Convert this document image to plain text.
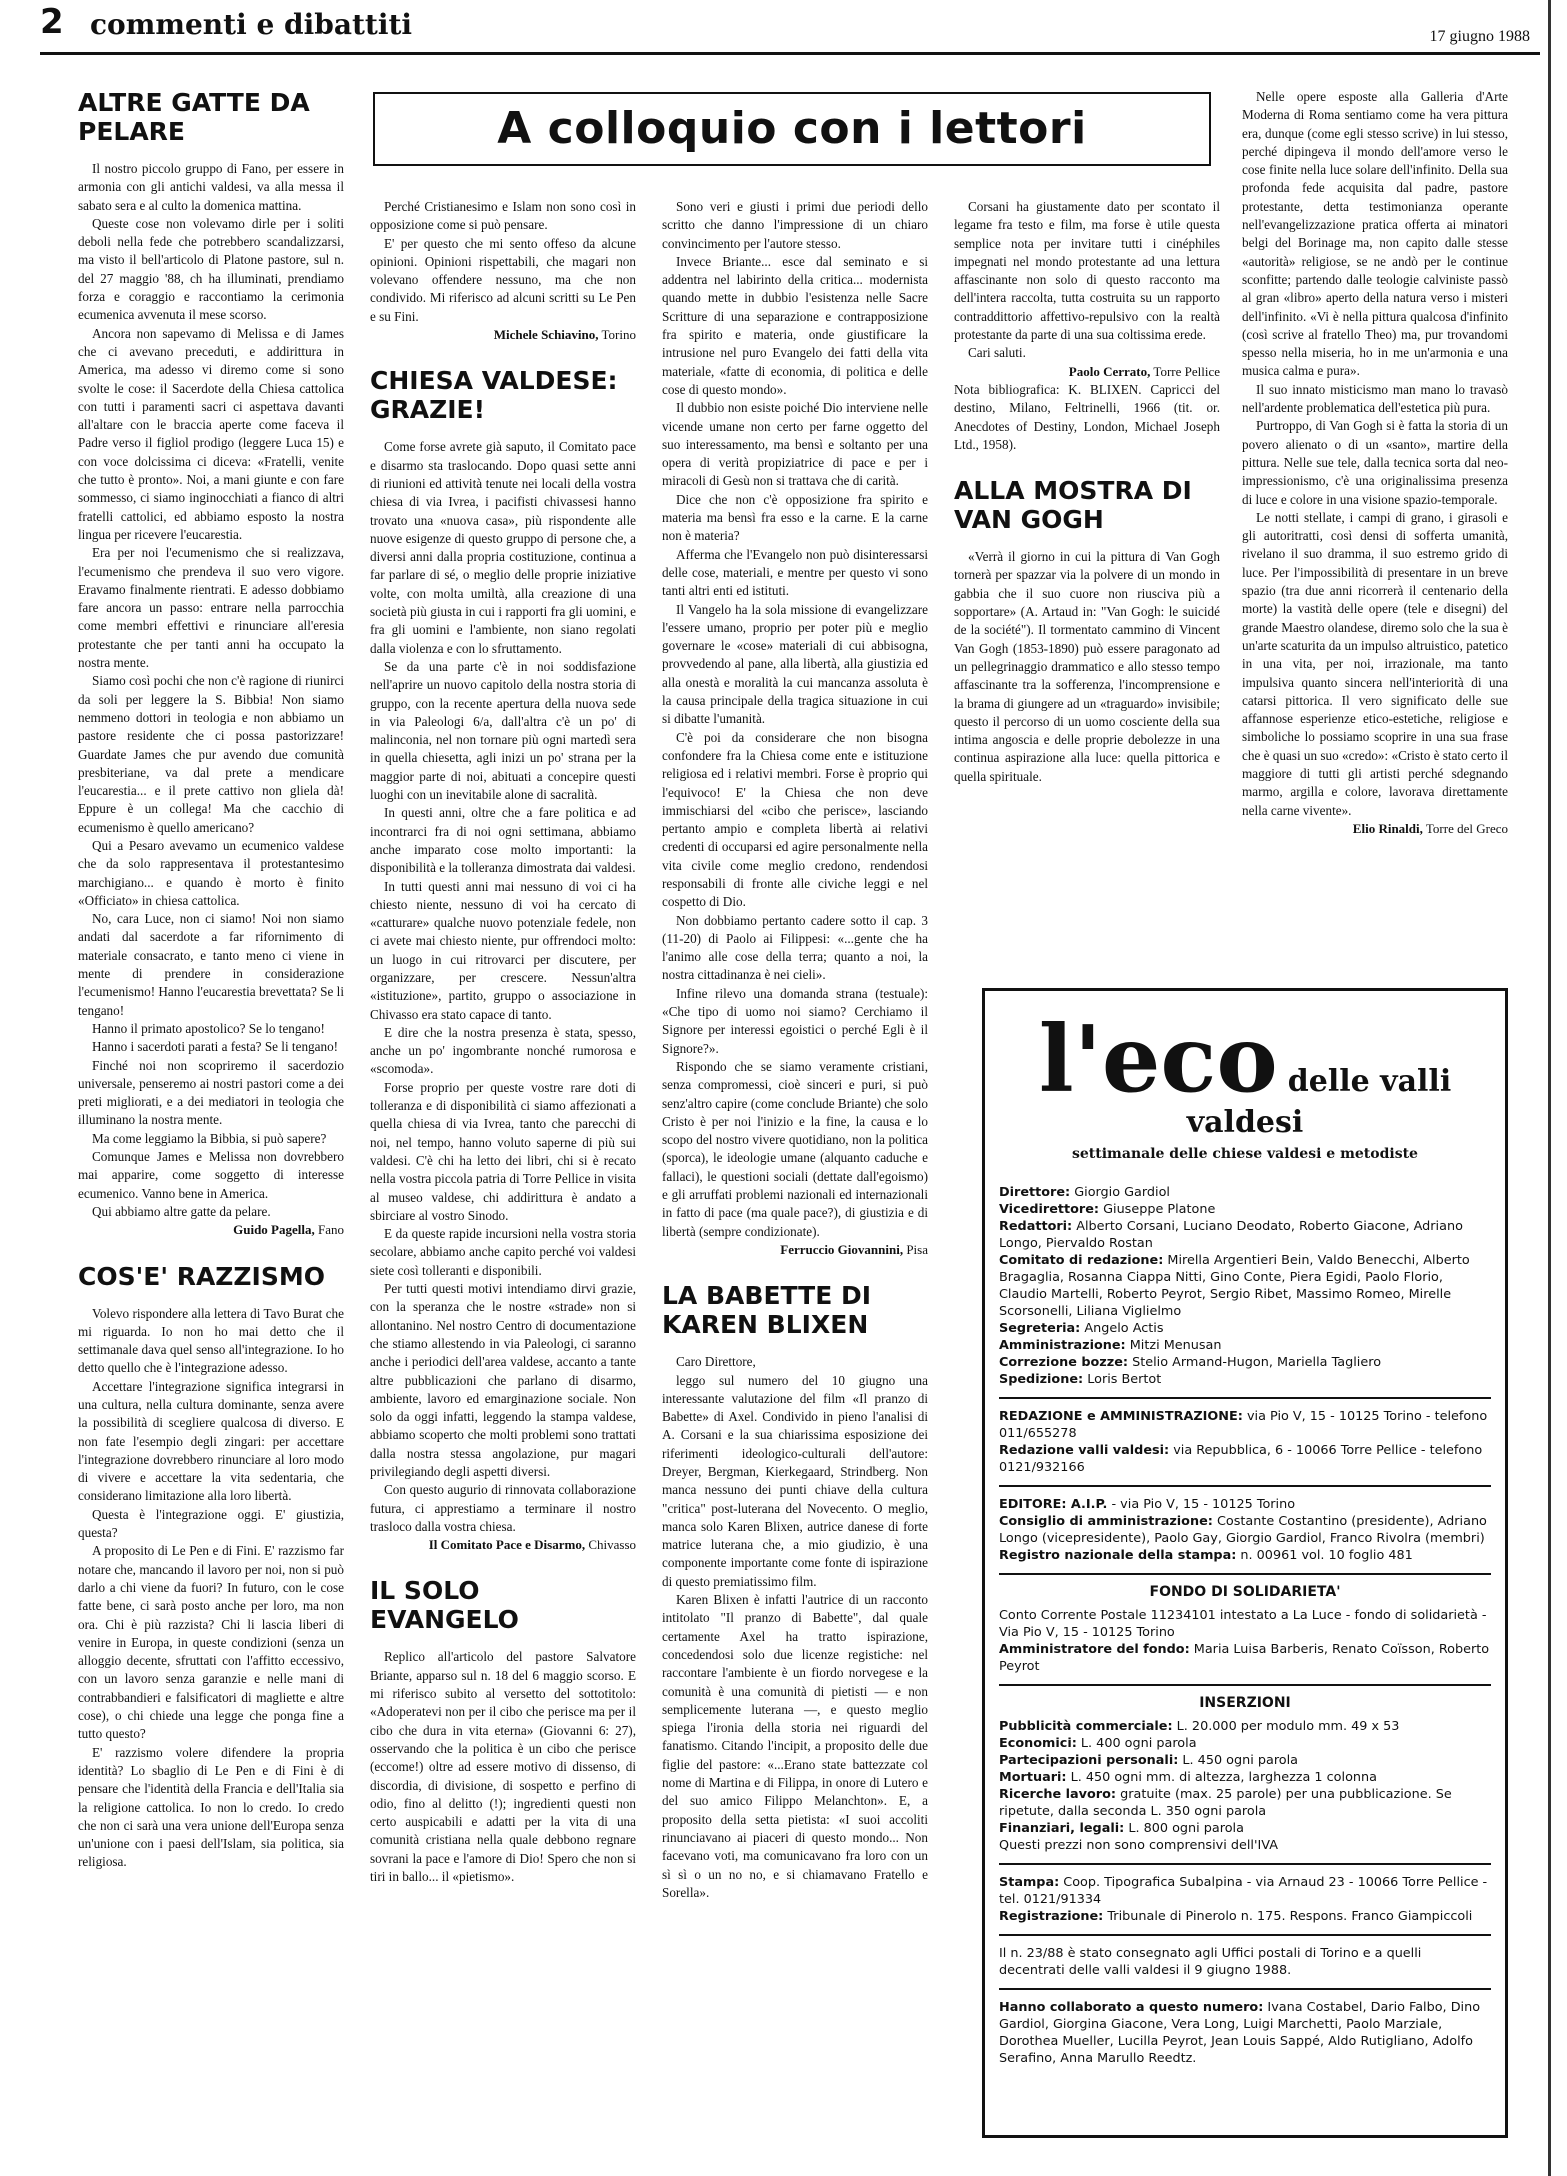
2 commenti e dibattiti	17 giugno 1988
A colloquio con i lettori
ALTRE GATTE DA PELARE

Il nostro piccolo gruppo di Fano, per essere in armonia con gli antichi valdesi, va alla messa il sabato sera e al culto la domenica mattina.

Queste cose non volevamo dirle per i soliti deboli nella fede che potrebbero scandalizzarsi, ma visto il bell'articolo di Platone pastore, sul n. del 27 maggio '88, ch ha illuminati, prendiamo forza e coraggio e raccontiamo la cerimonia ecumenica avvenuta il mese scorso.

Ancora non sapevamo di Melissa e di James che ci avevano preceduti, e addirittura in America, ma adesso vi diremo come si sono svolte le cose: il Sacerdote della Chiesa cattolica con tutti i paramenti sacri ci aspettava davanti all'altare con le braccia aperte come faceva il Padre verso il figliol prodigo (leggere Luca 15) e con voce dolcissima ci diceva: «Fratelli, venite che tutto è pronto». Noi, a mani giunte e con fare sommesso, ci siamo inginocchiati a fianco di altri fratelli cattolici, ed abbiamo esposto la nostra lingua per ricevere l'eucarestia.

Era per noi l'ecumenismo che si realizzava, l'ecumenismo che prendeva il suo vero vigore. Eravamo finalmente rientrati. E adesso dobbiamo fare ancora un passo: entrare nella parrocchia come membri effettivi e rinunciare all'eresia protestante che per tanti anni ha occupato la nostra mente.

Siamo così pochi che non c'è ragione di riunirci da soli per leggere la S. Bibbia! Non siamo nemmeno dottori in teologia e non abbiamo un pastore residente che ci possa pastorizzare! Guardate James che pur avendo due comunità presbiteriane, va dal prete a mendicare l'eucarestia... e il prete cattivo non gliela dà! Eppure è un collega! Ma che cacchio di ecumenismo è quello americano?

Qui a Pesaro avevamo un ecumenico valdese che da solo rappresentava il protestantesimo marchigiano... e quando è morto è finito «Officiato» in chiesa cattolica.

No, cara Luce, non ci siamo! Noi non siamo andati dal sacerdote a far rifornimento di materiale consacrato, e tanto meno ci viene in mente di prendere in considerazione l'ecumenismo! Hanno l'eucarestia brevettata? Se li tengano!

Hanno il primato apostolico? Se lo tengano!

Hanno i sacerdoti parati a festa? Se li tengano!

Finché noi non scopriremo il sacerdozio universale, penseremo ai nostri pastori come a dei preti migliorati, e a dei mediatori in teologia che illuminano la nostra mente.

Ma come leggiamo la Bibbia, si può sapere?

Comunque James e Melissa non dovrebbero mai apparire, come soggetto di interesse ecumenico. Vanno bene in America.

Qui abbiamo altre gatte da pelare.

Guido Pagella, Fano

COS'E' RAZZISMO

Volevo rispondere alla lettera di Tavo Burat che mi riguarda. Io non ho mai detto che il settimanale dava quel senso all'integrazione. Io ho detto quello che è l'integrazione adesso.

Accettare l'integrazione significa integrarsi in una cultura, nella cultura dominante, senza avere la possibilità di scegliere qualcosa di diverso. E non fate l'esempio degli zingari: per accettare l'integrazione dovrebbero rinunciare al loro modo di vivere e accettare la vita sedentaria, che considerano limitazione alla loro libertà.

Questa è l'integrazione oggi. E' giustizia, questa?

A proposito di Le Pen e di Fini. E' razzismo far notare che, mancando il lavoro per noi, non si può darlo a chi viene da fuori? In futuro, con le cose fatte bene, ci sarà posto anche per loro, ma non ora. Chi è più razzista? Chi li lascia liberi di venire in Europa, in queste condizioni (senza un alloggio decente, sfruttati con l'affitto eccessivo, con un lavoro senza garanzie e nelle mani di contrabbandieri e falsificatori di magliette e altre cose), o chi chiede una legge che ponga fine a tutto questo?

E' razzismo volere difendere la propria identità? Lo sbaglio di Le Pen e di Fini è di pensare che l'identità della Francia e dell'Italia sia la religione cattolica. Io non lo credo. Io credo che non ci sarà una vera unione dell'Europa senza un'unione con i paesi dell'Islam, sia politica, sia religiosa.

Perché Cristianesimo e Islam non sono così in opposizione come si può pensare.

E' per questo che mi sento offeso da alcune opinioni. Opinioni rispettabili, che magari non volevano offendere nessuno, ma che non condivido. Mi riferisco ad alcuni scritti su Le Pen e su Fini.

Michele Schiavino, Torino

CHIESA VALDESE: GRAZIE!

Come forse avrete già saputo, il Comitato pace e disarmo sta traslocando. Dopo quasi sette anni di riunioni ed attività tenute nei locali della vostra chiesa di via Ivrea, i pacifisti chivassesi hanno trovato una «nuova casa», più rispondente alle nuove esigenze di questo gruppo di persone che, a diversi anni dalla propria costituzione, continua a far parlare di sé, o meglio delle proprie iniziative volte, con molta umiltà, alla creazione di una società più giusta in cui i rapporti fra gli uomini, e fra gli uomini e l'ambiente, non siano regolati dalla violenza e con lo sfruttamento.

Se da una parte c'è in noi soddisfazione nell'aprire un nuovo capitolo della nostra storia di gruppo, con la recente apertura della nuova sede in via Paleologi 6/a, dall'altra c'è un po' di malinconia, nel non tornare più ogni martedì sera in quella chiesetta, agli inizi un po' strana per la maggior parte di noi, abituati a concepire questi luoghi con un inevitabile alone di sacralità.

In questi anni, oltre che a fare politica e ad incontrarci fra di noi ogni settimana, abbiamo anche imparato cose molto importanti: la disponibilità e la tolleranza dimostrata dai valdesi.

In tutti questi anni mai nessuno di voi ci ha chiesto niente, nessuno di voi ha cercato di «catturare» qualche nuovo potenziale fedele, non ci avete mai chiesto niente, pur offrendoci molto: un luogo in cui ritrovarci per discutere, per organizzare, per crescere. Nessun'altra «istituzione», partito, gruppo o associazione in Chivasso era stato capace di tanto.

E dire che la nostra presenza è stata, spesso, anche un po' ingombrante nonché rumorosa e «scomoda».

Forse proprio per queste vostre rare doti di tolleranza e di disponibilità ci siamo affezionati a quella chiesa di via Ivrea, tanto che parecchi di noi, nel tempo, hanno voluto saperne di più sui valdesi. C'è chi ha letto dei libri, chi si è recato nella vostra piccola patria di Torre Pellice in visita al museo valdese, chi addirittura è andato a sbirciare al vostro Sinodo.

E da queste rapide incursioni nella vostra storia secolare, abbiamo anche capito perché voi valdesi siete così tolleranti e disponibili.

Per tutti questi motivi intendiamo dirvi grazie, con la speranza che le nostre «strade» non si allontanino. Nel nostro Centro di documentazione che stiamo allestendo in via Paleologi, ci saranno anche i periodici dell'area valdese, accanto a tante altre pubblicazioni che parlano di disarmo, ambiente, lavoro ed emarginazione sociale. Non solo da oggi infatti, leggendo la stampa valdese, abbiamo scoperto che molti problemi sono trattati dalla nostra stessa angolazione, pur magari privilegiando degli aspetti diversi.

Con questo augurio di rinnovata collaborazione futura, ci apprestiamo a terminare il nostro trasloco dalla vostra chiesa.

Il Comitato Pace e Disarmo, Chivasso

IL SOLO EVANGELO

Replico all'articolo del pastore Salvatore Briante, apparso sul n. 18 del 6 maggio scorso. E mi riferisco subito al versetto del sottotitolo: «Adoperatevi non per il cibo che perisce ma per il cibo che dura in vita eterna» (Giovanni 6: 27), osservando che la politica è un cibo che perisce (eccome!) oltre ad essere motivo di dissenso, di discordia, di divisione, di sospetto e perfino di odio, fino al delitto (!); ingredienti questi non certo auspicabili e adatti per la vita di una comunità cristiana nella quale debbono regnare sovrani la pace e l'amore di Dio! Spero che non si tiri in ballo... il «pietismo».

Sono veri e giusti i primi due periodi dello scritto che danno l'impressione di un chiaro convincimento per l'autore stesso.

Invece Briante... esce dal seminato e si addentra nel labirinto della critica... modernista quando mette in dubbio l'esistenza nelle Sacre Scritture di una separazione e contrapposizione fra spirito e materia, onde giustificare la intrusione nel puro Evangelo dei fatti della vita materiale, «fatte di economia, di politica e delle cose di questo mondo».

Il dubbio non esiste poiché Dio interviene nelle vicende umane non certo per farne oggetto del suo interessamento, ma bensì e soltanto per una opera di verità propiziatrice di pace e per i miracoli di Gesù non si trattava che di carità.

Dice che non c'è opposizione fra spirito e materia ma bensì fra esso e la carne. E la carne non è materia?

Afferma che l'Evangelo non può disinteressarsi delle cose, materiali, e mentre per questo vi sono tanti altri enti ed istituti.

Il Vangelo ha la sola missione di evangelizzare l'essere umano, proprio per poter più e meglio governare le «cose» materiali di cui abbisogna, provvedendo al pane, alla libertà, alla giustizia ed alla onestà e moralità la cui mancanza assoluta è la causa principale della tragica situazione in cui si dibatte l'umanità.

C'è poi da considerare che non bisogna confondere fra la Chiesa come ente e istituzione religiosa ed i relativi membri. Forse è proprio qui l'equivoco! E' la Chiesa che non deve immischiarsi del «cibo che perisce», lasciando pertanto ampio e completa libertà ai relativi credenti di occuparsi ed agire personalmente nella vita civile come meglio credono, rendendosi responsabili di fronte alle civiche leggi e nel cospetto di Dio.

Non dobbiamo pertanto cadere sotto il cap. 3 (11-20) di Paolo ai Filippesi: «...gente che ha l'animo alle cose della terra; quanto a noi, la nostra cittadinanza è nei cieli».

Infine rilevo una domanda strana (testuale): «Che tipo di uomo noi siamo? Cerchiamo il Signore per interessi egoistici o perché Egli è il Signore?».

Rispondo che se siamo veramente cristiani, senza compromessi, cioè sinceri e puri, si può senz'altro capire (come conclude Briante) che solo Cristo è per noi l'inizio e la fine, la causa e lo scopo del nostro vivere quotidiano, non la politica (sporca), le ideologie umane (alquanto caduche e fallaci), le questioni sociali (dettate dall'egoismo) e gli arruffati problemi nazionali ed internazionali in fatto di pace (ma quale pace?), di giustizia e di libertà (sempre condizionate).

Ferruccio Giovannini, Pisa

LA BABETTE DI KAREN BLIXEN

Caro Direttore,

leggo sul numero del 10 giugno una interessante valutazione del film «Il pranzo di Babette» di Axel. Condivido in pieno l'analisi di A. Corsani e la sua chiarissima esposizione dei riferimenti ideologico-culturali dell'autore: Dreyer, Bergman, Kierkegaard, Strindberg. Non manca nessuno dei punti chiave della cultura "critica" post-luterana del Novecento. O meglio, manca solo Karen Blixen, autrice danese di forte matrice luterana che, a mio giudizio, è una componente importante come fonte di ispirazione di questo premiatissimo film.

Karen Blixen è infatti l'autrice di un racconto intitolato "Il pranzo di Babette", dal quale certamente Axel ha tratto ispirazione, concedendosi solo due licenze registiche: nel raccontare l'ambiente è un fiordo norvegese e la comunità è una comunità di pietisti — e non semplicemente luterana —, e questo meglio spiega l'ironia della storia nei riguardi del fanatismo. Citando l'incipit, a proposito delle due figlie del pastore: «...Erano state battezzate col nome di Martina e di Filippa, in onore di Lutero e del suo amico Filippo Melanchton». E, a proposito della setta pietista: «I suoi accoliti rinunciavano ai piaceri di questo mondo... Non facevano voti, ma comunicavano fra loro con un sì sì o un no no, e si chiamavano Fratello e Sorella».

Corsani ha giustamente dato per scontato il legame fra testo e film, ma forse è utile questa semplice nota per invitare tutti i cinéphiles impegnati nel mondo protestante ad una lettura affascinante non solo di questo racconto ma dell'intera raccolta, tutta costruita su un rapporto contraddittorio affettivo-repulsivo con la realtà protestante da parte di una sua coltissima erede.

Cari saluti.

Paolo Cerrato, Torre Pellice

Nota bibliografica: K. BLIXEN. Capricci del destino, Milano, Feltrinelli, 1966 (tit. or. Anecdotes of Destiny, London, Michael Joseph Ltd., 1958).

ALLA MOSTRA DI VAN GOGH

«Verrà il giorno in cui la pittura di Van Gogh tornerà per spazzar via la polvere di un mondo in gabbia che il suo cuore non riusciva più a sopportare» (A. Artaud in: "Van Gogh: le suicidé de la société"). Il tormentato cammino di Vincent Van Gogh (1853-1890) può essere paragonato ad un pellegrinaggio drammatico e allo stesso tempo affascinante tra la sofferenza, l'incomprensione e la brama di giungere ad un «traguardo» invisibile; questo il percorso di un uomo cosciente della sua intima angoscia e delle proprie debolezze in una continua aspirazione alla luce: quella pittorica e quella spirituale.

Nelle opere esposte alla Galleria d'Arte Moderna di Roma sentiamo come ha vera pittura era, dunque (come egli stesso scrive) in lui stesso, perché dipingeva il mondo dell'amore verso le cose finite nella luce solare dell'infinito. Della sua profonda fede acquisita dal padre, pastore protestante, detta testimonianza operante nell'evangelizzazione pratica offerta ai minatori belgi del Borinage ma, non capito dalle stesse «autorità» religiose, se ne andò per le continue sconfitte; partendo dalle teologie calviniste passò al gran «libro» aperto della natura verso i misteri dell'infinito. «Vi è nella pittura qualcosa d'infinito (così scrive al fratello Theo) ma, pur trovandomi spesso nella miseria, ho in me un'armonia e una musica calma e pura».

Il suo innato misticismo man mano lo travasò nell'ardente problematica dell'estetica più pura.

Purtroppo, di Van Gogh si è fatta la storia di un povero alienato o di un «santo», martire della pittura. Nelle sue tele, dalla tecnica sorta dal neo-impressionismo, c'è una originalissima presenza di luce e colore in una visione spazio-temporale.

Le notti stellate, i campi di grano, i girasoli e gli autoritratti, così densi di sofferta umanità, rivelano il suo dramma, il suo estremo grido di luce. Per l'impossibilità di presentare in un breve spazio (tra due anni ricorrerà il centenario della morte) la vastità delle opere (tele e disegni) del grande Maestro olandese, diremo solo che la sua è un'arte scaturita da un impulso altruistico, patetico in una vita, per noi, irrazionale, ma tanto impulsiva quanto sincera nell'interiorità di una catarsi pittorica. Il vero significato delle sue affannose esperienze etico-estetiche, religiose e simboliche lo possiamo scoprire in una sua frase che è quasi un suo «credo»: «Cristo è stato certo il maggiore di tutti gli artisti perché sdegnando marmo, argilla e colore, lavorava direttamente nella carne vivente».

Elio Rinaldi, Torre del Greco

l'eco delle valli valdesi
settimanale delle chiese valdesi e metodiste

Direttore: Giorgio Gardiol

Vicedirettore: Giuseppe Platone

Redattori: Alberto Corsani, Luciano Deodato, Roberto Giacone, Adriano Longo, Piervaldo Rostan

Comitato di redazione: Mirella Argentieri Bein, Valdo Benecchi, Alberto Bragaglia, Rosanna Ciappa Nitti, Gino Conte, Piera Egidi, Paolo Florio, Claudio Martelli, Roberto Peyrot, Sergio Ribet, Massimo Romeo, Mirelle Scorsonelli, Liliana Viglielmo

Segreteria: Angelo Actis

Amministrazione: Mitzi Menusan

Correzione bozze: Stelio Armand-Hugon, Mariella Tagliero

Spedizione: Loris Bertot

REDAZIONE e AMMINISTRAZIONE: via Pio V, 15 - 10125 Torino - telefono 011/655278

Redazione valli valdesi: via Repubblica, 6 - 10066 Torre Pellice - telefono 0121/932166

EDITORE: A.I.P. - via Pio V, 15 - 10125 Torino

Consiglio di amministrazione: Costante Costantino (presidente), Adriano Longo (vicepresidente), Paolo Gay, Giorgio Gardiol, Franco Rivolra (membri)

Registro nazionale della stampa: n. 00961 vol. 10 foglio 481

FONDO DI SOLIDARIETA'

Conto Corrente Postale 11234101 intestato a La Luce - fondo di solidarietà - Via Pio V, 15 - 10125 Torino

Amministratore del fondo: Maria Luisa Barberis, Renato Coïsson, Roberto Peyrot

INSERZIONI

Pubblicità commerciale: L. 20.000 per modulo mm. 49 x 53

Economici: L. 400 ogni parola

Partecipazioni personali: L. 450 ogni parola

Mortuari: L. 450 ogni mm. di altezza, larghezza 1 colonna

Ricerche lavoro: gratuite (max. 25 parole) per una pubblicazione. Se ripetute, dalla seconda L. 350 ogni parola

Finanziari, legali: L. 800 ogni parola

Questi prezzi non sono comprensivi dell'IVA

Stampa: Coop. Tipografica Subalpina - via Arnaud 23 - 10066 Torre Pellice - tel. 0121/91334

Registrazione: Tribunale di Pinerolo n. 175. Respons. Franco Giampiccoli

Il n. 23/88 è stato consegnato agli Uffici postali di Torino e a quelli decentrati delle valli valdesi il 9 giugno 1988.

Hanno collaborato a questo numero: Ivana Costabel, Dario Falbo, Dino Gardiol, Giorgina Giacone, Vera Long, Luigi Marchetti, Paolo Marziale, Dorothea Mueller, Lucilla Peyrot, Jean Louis Sappé, Aldo Rutigliano, Adolfo Serafino, Anna Marullo Reedtz.
